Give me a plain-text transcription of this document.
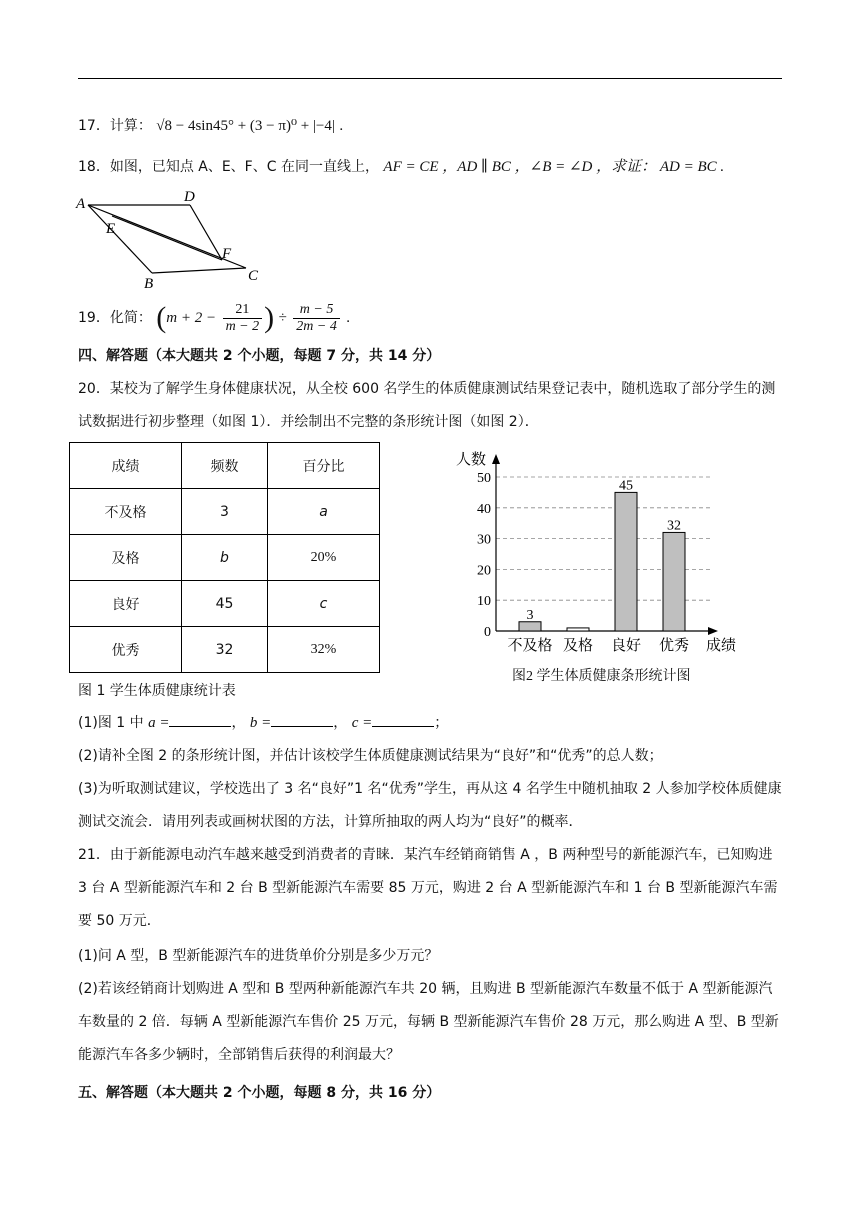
17．计算： √8 − 4sin45° + (3 − π)⁰ + |−4| .
18．如图，已知点 A、E、F、C 在同一直线上， AF = CE ，AD ∥ BC ，∠B = ∠D ，求证： AD = BC .
A	D
E
F
B	C
19．化简： ($m + 2 - \frac{21}{m - 2}$ ) ÷ $\frac{m - 5}{2m - 4}$ .
四、解答题（本大题共 2 个小题，每题 7 分，共 14 分）
20．某校为了解学生身体健康状况，从全校 600 名学生的体质健康测试结果登记表中，随机选取了部分学生的测试数据进行初步整理（如图 1）．并绘制出不完整的条形统计图（如图 2）．
成绩	频数	百分比
不及格	3	a
及格	b	20%
良好	45	c
优秀	32	32%
图 1 学生体质健康统计表
0
10
20
30
40
50
人数
成绩
3
不及格 及格
45
良好
32
优秀
图2 学生体质健康条形统计图
(1)图 1 中 a =	， b =	， c =	；
(2)请补全图 2 的条形统计图，并估计该校学生体质健康测试结果为“良好”和“优秀”的总人数；
(3)为听取测试建议，学校选出了 3 名“良好”1 名“优秀”学生，再从这 4 名学生中随机抽取 2 人参加学校体质健康测试交流会．请用列表或画树状图的方法，计算所抽取的两人均为“良好”的概率．
21．由于新能源电动汽车越来越受到消费者的青睐．某汽车经销商销售 A ，B 两种型号的新能源汽车，已知购进 3 台 A 型新能源汽车和 2 台 B 型新能源汽车需要 85 万元，购进 2 台 A 型新能源汽车和 1 台 B 型新能源汽车需要 50 万元．
(1)问 A 型，B 型新能源汽车的进货单价分别是多少万元？
(2)若该经销商计划购进 A 型和 B 型两种新能源汽车共 20 辆，且购进 B 型新能源汽车数量不低于 A 型新能源汽车数量的 2 倍．每辆 A 型新能源汽车售价 25 万元，每辆 B 型新能源汽车售价 28 万元，那么购进 A 型、B 型新能源汽车各多少辆时，全部销售后获得的利润最大？
五、解答题（本大题共 2 个小题，每题 8 分，共 16 分）
